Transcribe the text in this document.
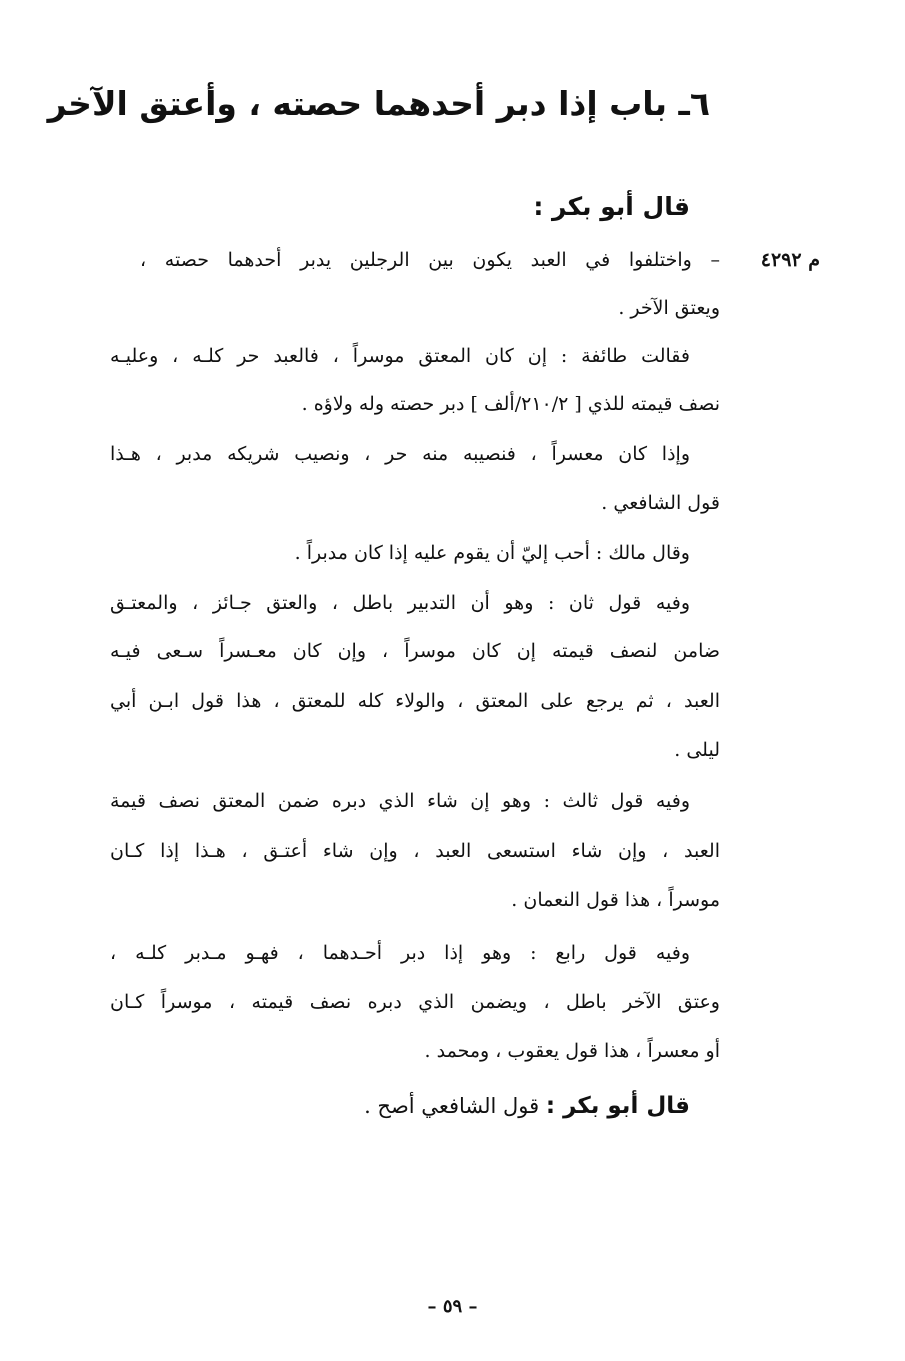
٦ـ باب إذا دبر أحدهما حصته ، وأعتق الآخر
قال أبو بكر :
م ٤٢٩٢
– واختلفوا في العبد يكون بين الرجلين يدبر أحدهما حصته ،
ويعتق الآخر .
فقالت طائفة : إن كان المعتق موسراً ، فالعبد حر كلـه ، وعليـه
نصف قيمته للذي [ ٢١٠/٢/ألف ] دبر حصته وله ولاؤه .
وإذا كان معسراً ، فنصيبه منه حر ، ونصيب شريكه مدبر ، هـذا
قول الشافعي .
وقال مالك : أحب إليّ أن يقوم عليه إذا كان مدبراً .
وفيه قول ثان : وهو أن التدبير باطل ، والعتق جـائز ، والمعتـق
ضامن لنصف قيمته إن كان موسراً ، وإن كان معـسراً سـعى فيـه
العبد ، ثم يرجع على المعتق ، والولاء كله للمعتق ، هذا قول ابـن أبي
ليلى .
وفيه قول ثالث : وهو إن شاء الذي دبره ضمن المعتق نصف قيمة
العبد ، وإن شاء استسعى العبد ، وإن شاء أعتـق ، هـذا إذا كـان
موسراً ، هذا قول النعمان .
وفيه قول رابع : وهو إذا دبر أحـدهما ، فهـو مـدبر كلـه ،
وعتق الآخر باطل ، ويضمن الذي دبره نصف قيمته ، موسراً كـان
أو معسراً ، هذا قول يعقوب ، ومحمد .
قال أبو بكر : قول الشافعي أصح .
– ٥٩ –
